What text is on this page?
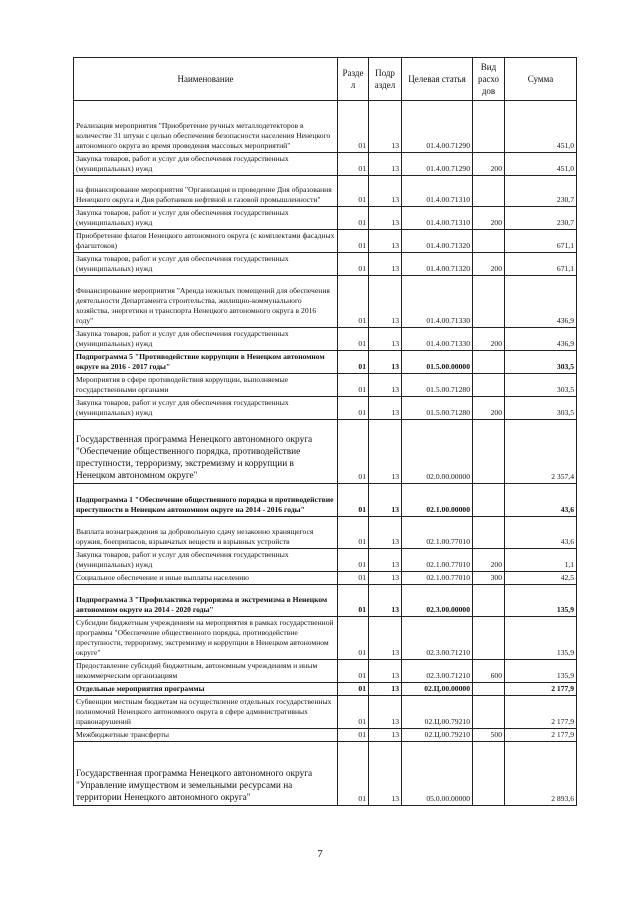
Наименование	Разде л	Подр аздел	Целевая статья	Вид расхо дов	Сумма
Реализация мероприятия "Приобретение ручных металлодетекторов в количестве 31 штуки с целью обеспечения безопасности населения Ненецкого автономного округа во время проведения массовых мероприятий"	01	13	01.4.00.71290		451,0
Закупка товаров, работ и услуг для обеспечения государственных (муниципальных) нужд	01	13	01.4.00.71290	200	451,0
на финансирование мероприятия "Организация и проведение Дня образования Ненецкого округа и Дня работников нефтяной и газовой промышленности"	01	13	01.4.00.71310		230,7
Закупка товаров, работ и услуг для обеспечения государственных (муниципальных) нужд	01	13	01.4.00.71310	200	230,7
Приобретение флагов Ненецкого автономного округа (с комплектами фасадных флагштоков)	01	13	01.4.00.71320		671,1
Закупка товаров, работ и услуг для обеспечения государственных (муниципальных) нужд	01	13	01.4.00.71320	200	671,1
Финансирование мероприятия "Аренда нежилых помещений для обеспечения деятельности Департамента строительства, жилищно-коммунального хозяйства, энергетики и транспорта Ненецкого автономного округа в 2016 году"	01	13	01.4.00.71330		436,9
Закупка товаров, работ и услуг для обеспечения государственных (муниципальных) нужд	01	13	01.4.00.71330	200	436,9
Подпрограмма 5 "Противодействие коррупции в Ненецком автономном округе на 2016 - 2017 годы"	01	13	01.5.00.00000		303,5
Мероприятия в сфере противодействия коррупции, выполняемые государственными органами	01	13	01.5.00.71280		303,5
Закупка товаров, работ и услуг для обеспечения государственных (муниципальных) нужд	01	13	01.5.00.71280	200	303,5
Государственная программа Ненецкого автономного округа "Обеспечение общественного порядка, противодействие преступности, терроризму, экстремизму и коррупции в Ненецком автономном округе"	01	13	02.0.00.00000		2 357,4
Подпрограмма 1 "Обеспечение общественного порядка и противодействие преступности в Ненецком автономном округе на 2014 - 2016 годы"	01	13	02.1.00.00000		43,6
Выплата вознаграждения за добровольную сдачу незаконно хранящегося оружия, боеприпасов, взрывчатых веществ и взрывных устройств	01	13	02.1.00.77010		43,6
Закупка товаров, работ и услуг для обеспечения государственных (муниципальных) нужд	01	13	02.1.00.77010	200	1,1
Социальное обеспечение и иные выплаты населению	01	13	02.1.00.77010	300	42,5
Подпрограмма 3 "Профилактика терроризма и экстремизма в Ненецком автономном округе на 2014 - 2020 годы"	01	13	02.3.00.00000		135,9
Субсидии бюджетным учреждениям на мероприятия в рамках государственной программы "Обеспечение общественного порядка, противодействие преступности, терроризму, экстремизму и коррупции в Ненецком автономном округе"	01	13	02.3.00.71210		135,9
Предоставление субсидий бюджетным, автономным учреждениям и иным некоммерческим организациям	01	13	02.3.00.71210	600	135,9
Отдельные мероприятия программы	01	13	02.Ц.00.00000		2 177,9
Субвенции местным бюджетам на осуществление отдельных государственных полномочий Ненецкого автономного округа в сфере административных правонарушений	01	13	02.Ц.00.79210		2 177,9
Межбюджетные трансферты	01	13	02.Ц.00.79210	500	2 177,9
Государственная программа Ненецкого автономного округа "Управление имуществом и земельными ресурсами на территории Ненецкого автономного округа"	01	13	05.0.00.00000		2 893,6
7
